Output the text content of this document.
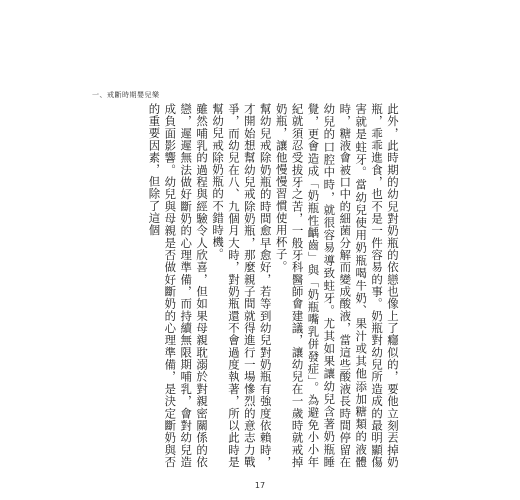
一、戒斷時期嬰兒樂

此外，此時期的幼兒對奶瓶的依戀也像上了癮似的，要他立刻丟掉奶瓶，乖乖進食，也不是一件容易的事。奶瓶對幼兒所造成的最明顯傷害就是蛀牙。當幼兒使用奶瓶喝牛奶、果汁或其他添加糖類的液體時，糖液會被口中的細菌分解而變成酸液，當這些酸液長時間停留在幼兒的口腔中時，就很容易導致蛀牙。尤其如果讓幼兒含著奶瓶睡覺，更會造成「奶瓶性齲齒」與「奶瓶嘴乳併發症」。為避免小小年紀就須忍受拔牙之苦，一般牙科醫師會建議，讓幼兒在一歲時就戒掉奶瓶，讓他慢慢習慣使用杯子。

幫幼兒戒除奶瓶的時間愈早愈好，若等到幼兒對奶瓶有強度依賴時，才開始想幫幼兒戒除奶瓶，那麼親子間就得進行一場慘烈的意志力戰爭，而幼兒在八、九個月大時，對奶瓶還不會過度執著，所以此時是幫幼兒戒除奶瓶的不錯時機。

雖然哺乳的過程與經驗令人欣喜，但如果母親耽溺於對親密關係的依戀，遲遲無法做好斷奶的心理準備，而持續無限期哺乳，會對幼兒造成負面影響。幼兒與母親是否做好斷奶的心理準備，是決定斷奶與否的重要因素，但除了這個

17
